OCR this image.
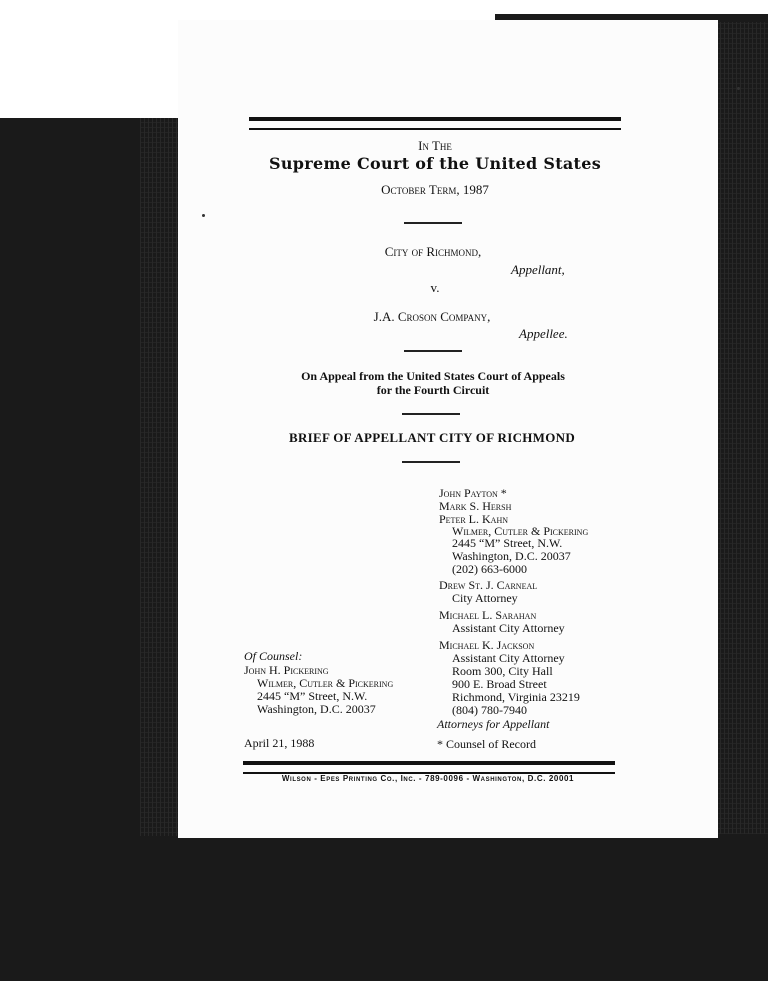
In The
Supreme Court of the United States
October Term, 1987
City of Richmond,
Appellant,
v.
J.A. Croson Company,
Appellee.
On Appeal from the United States Court of Appeals
for the Fourth Circuit
BRIEF OF APPELLANT CITY OF RICHMOND
John Payton *
Mark S. Hersh
Peter L. Kahn
Wilmer, Cutler & Pickering
2445 “M” Street, N.W.
Washington, D.C. 20037
(202) 663-6000
Drew St. J. Carneal
City Attorney
Michael L. Sarahan
Assistant City Attorney
Michael K. Jackson
Assistant City Attorney
Room 300, City Hall
900 E. Broad Street
Richmond, Virginia 23219
(804) 780-7940
Attorneys for Appellant
* Counsel of Record
Of Counsel:
John H. Pickering
Wilmer, Cutler & Pickering
2445 “M” Street, N.W.
Washington, D.C. 20037
April 21, 1988
Wilson - Epes Printing Co., Inc. - 789-0096 - Washington, D.C. 20001
